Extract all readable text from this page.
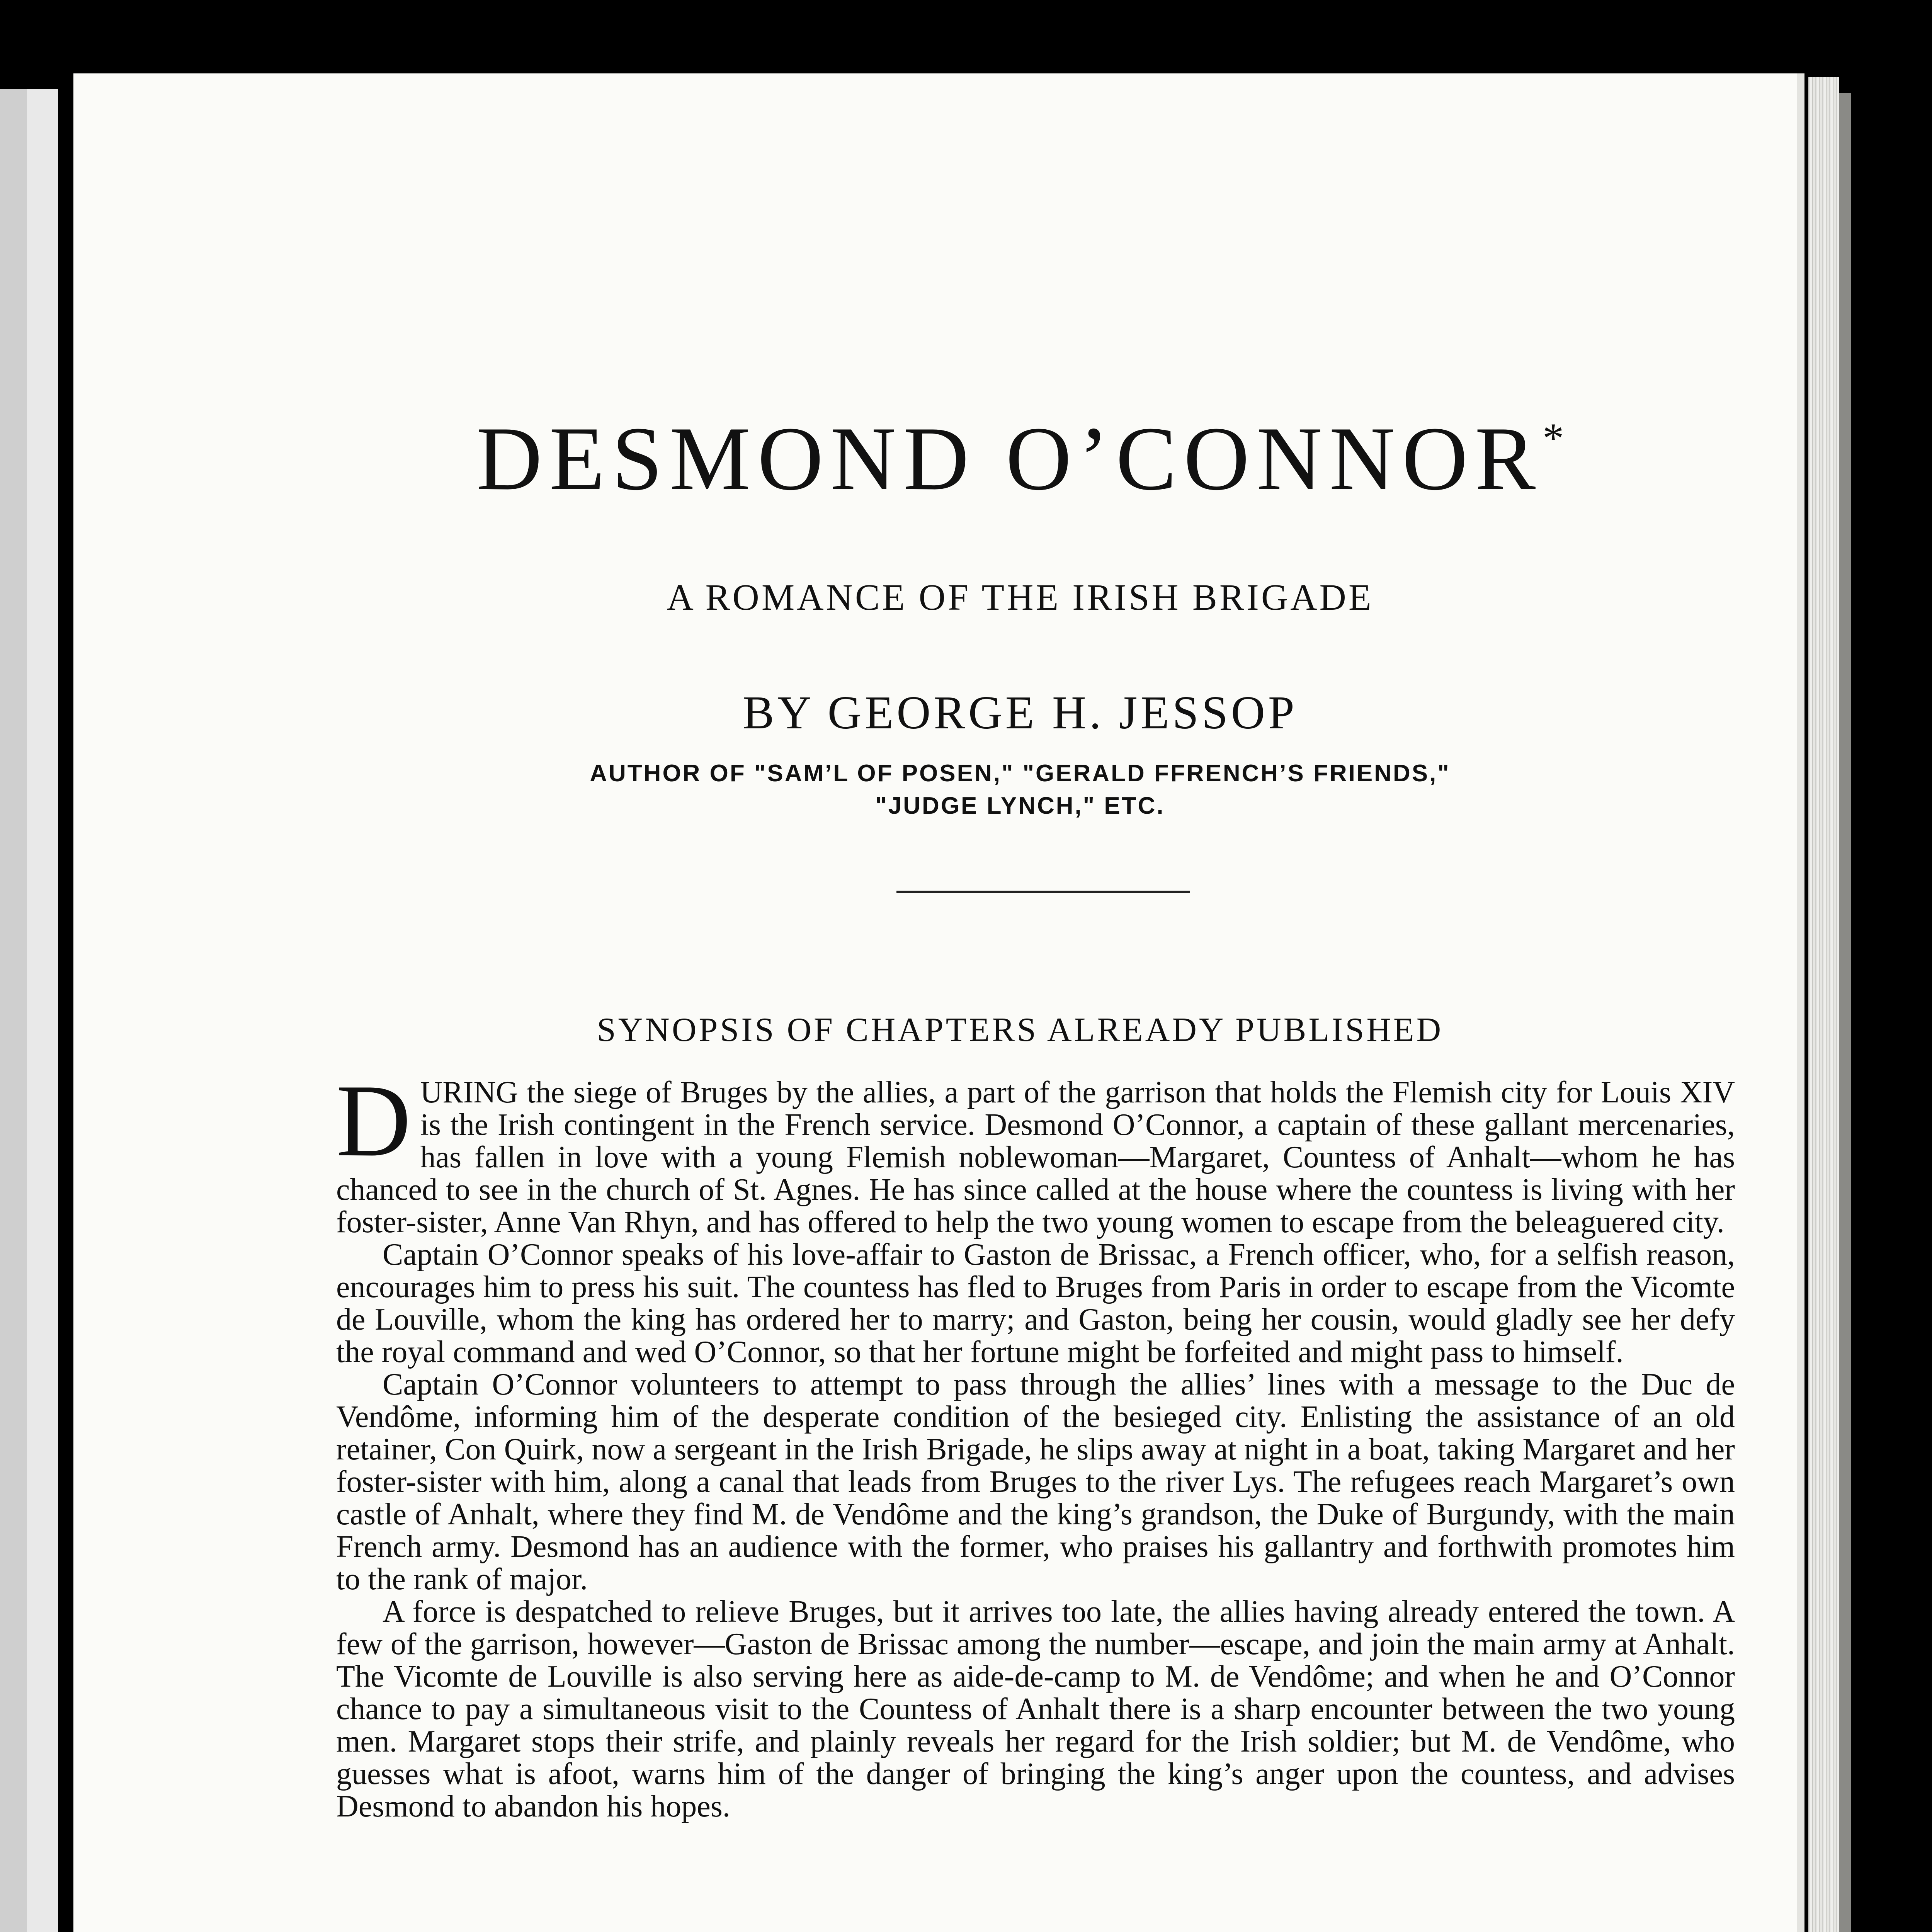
DESMOND O’CONNOR*
A ROMANCE OF THE IRISH BRIGADE
BY GEORGE H. JESSOP
AUTHOR OF "SAM’L OF POSEN," "GERALD FFRENCH’S FRIENDS,"
"JUDGE LYNCH," ETC.
SYNOPSIS OF CHAPTERS ALREADY PUBLISHED

DURING the siege of Bruges by the allies, a part of the garrison that holds the Flemish city for Louis XIV is the Irish contingent in the French service. Desmond O’Connor, a captain of these gallant mercenaries, has fallen in love with a young Flemish noblewoman—Margaret, Countess of Anhalt—whom he has chanced to see in the church of St. Agnes. He has since called at the house where the countess is living with her foster-sister, Anne Van Rhyn, and has offered to help the two young women to escape from the beleaguered city.

Captain O’Connor speaks of his love-affair to Gaston de Brissac, a French officer, who, for a selfish reason, encourages him to press his suit. The countess has fled to Bruges from Paris in order to escape from the Vicomte de Louville, whom the king has ordered her to marry; and Gaston, being her cousin, would gladly see her defy the royal command and wed O’Connor, so that her fortune might be forfeited and might pass to himself.

Captain O’Connor volunteers to attempt to pass through the allies’ lines with a message to the Duc de Vendôme, informing him of the desperate condition of the besieged city. Enlisting the assistance of an old retainer, Con Quirk, now a sergeant in the Irish Brigade, he slips away at night in a boat, taking Margaret and her foster-sister with him, along a canal that leads from Bruges to the river Lys. The refugees reach Margaret’s own castle of Anhalt, where they find M. de Vendôme and the king’s grandson, the Duke of Burgundy, with the main French army. Desmond has an audience with the former, who praises his gallantry and forthwith promotes him to the rank of major.

A force is despatched to relieve Bruges, but it arrives too late, the allies having already entered the town. A few of the garrison, however—Gaston de Brissac among the number—escape, and join the main army at Anhalt. The Vicomte de Louville is also serving here as aide-de-camp to M. de Vendôme; and when he and O’Connor chance to pay a simultaneous visit to the Countess of Anhalt there is a sharp encounter between the two young men. Margaret stops their strife, and plainly reveals her regard for the Irish soldier; but M. de Vendôme, who guesses what is afoot, warns him of the danger of bringing the king’s anger upon the countess, and advises Desmond to abandon his hopes.
